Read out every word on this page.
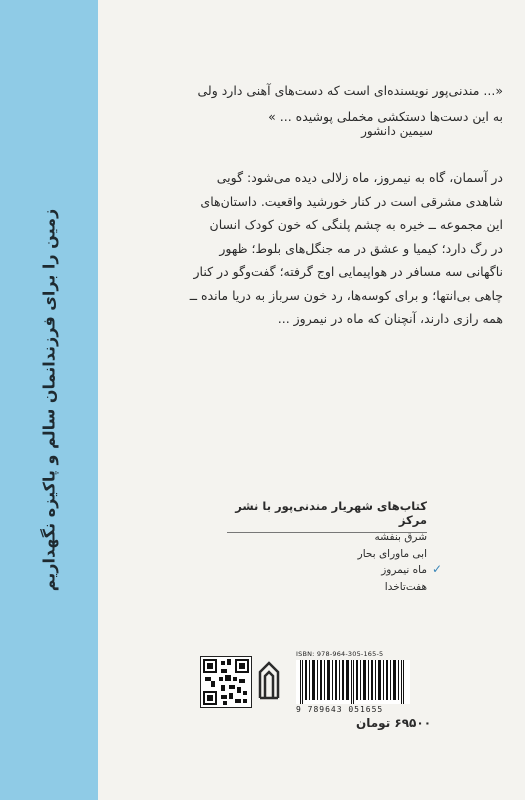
زمین را برای فرزندانمان سالم و پاکیزه نگهداریم
«... مندنی‌پور نویسنده‌ای است که دست‌های آهنی دارد ولی
به این دست‌ها دستکشی مخملی پوشیده ... »
سیمین دانشور
در آسمان، گاه به نیمروز، ماه زلالی دیده می‌شود: گویی
شاهدی مشرقی است در کنار خورشید واقعیت. داستان‌های
این مجموعه ــ خیره به چشم پلنگی که خون کودک انسان
در رگ دارد؛ کیمیا و عشق در مه جنگل‌های بلوط؛ ظهور
ناگهانی سه مسافر در هواپیمایی اوج گرفته؛ گفت‌وگو در کنار
چاهی بی‌انتها؛ و برای کوسه‌ها، رد خون سرباز به دریا مانده ــ
همه رازی دارند، آنچنان که ماه در نیمروز ...
کتاب‌های شهریار مندنی‌پور با نشر مرکز
شرق بنفشه
ابی ماورای بحار
✓
ماه نیمروز
هفت‌تاخدا
ISBN: 978-964-305-165-5
9 789643 051655
۶۹۵۰۰ تومان
